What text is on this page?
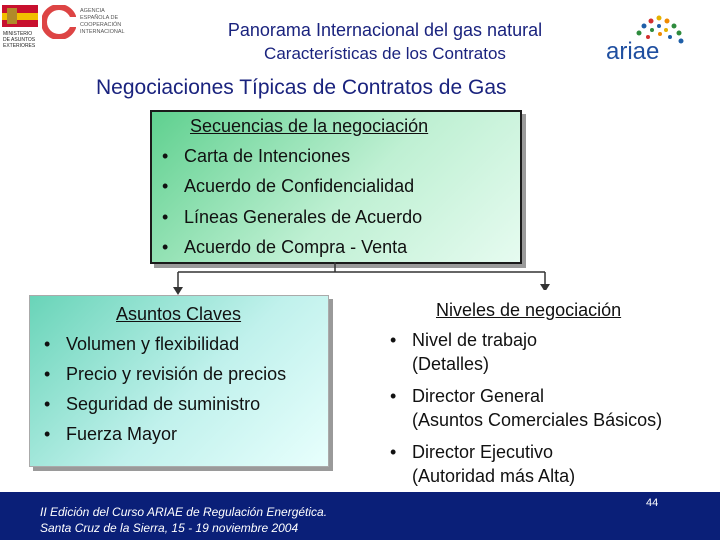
MINISTERIO
DE ASUNTOS
EXTERIORES
AGENCIA
ESPAÑOLA DE
COOPERACIÓN
INTERNACIONAL	Panorama Internacional del gas natural
Características de los Contratos	ariae
Negociaciones Típicas de Contratos de Gas
Secuencias de la negociación
• Carta de Intenciones
• Acuerdo de Confidencialidad
• Líneas Generales de Acuerdo
• Acuerdo de Compra - Venta
Asuntos Claves
• Volumen y flexibilidad
• Precio y revisión de precios
• Seguridad de suministro
• Fuerza Mayor
Niveles de negociación
• Nivel de trabajo
(Detalles)
• Director General
(Asuntos Comerciales Básicos)
• Director Ejecutivo
(Autoridad más Alta)
II Edición del Curso ARIAE de Regulación Energética.
Santa Cruz de la Sierra, 15 - 19 noviembre 2004
44
